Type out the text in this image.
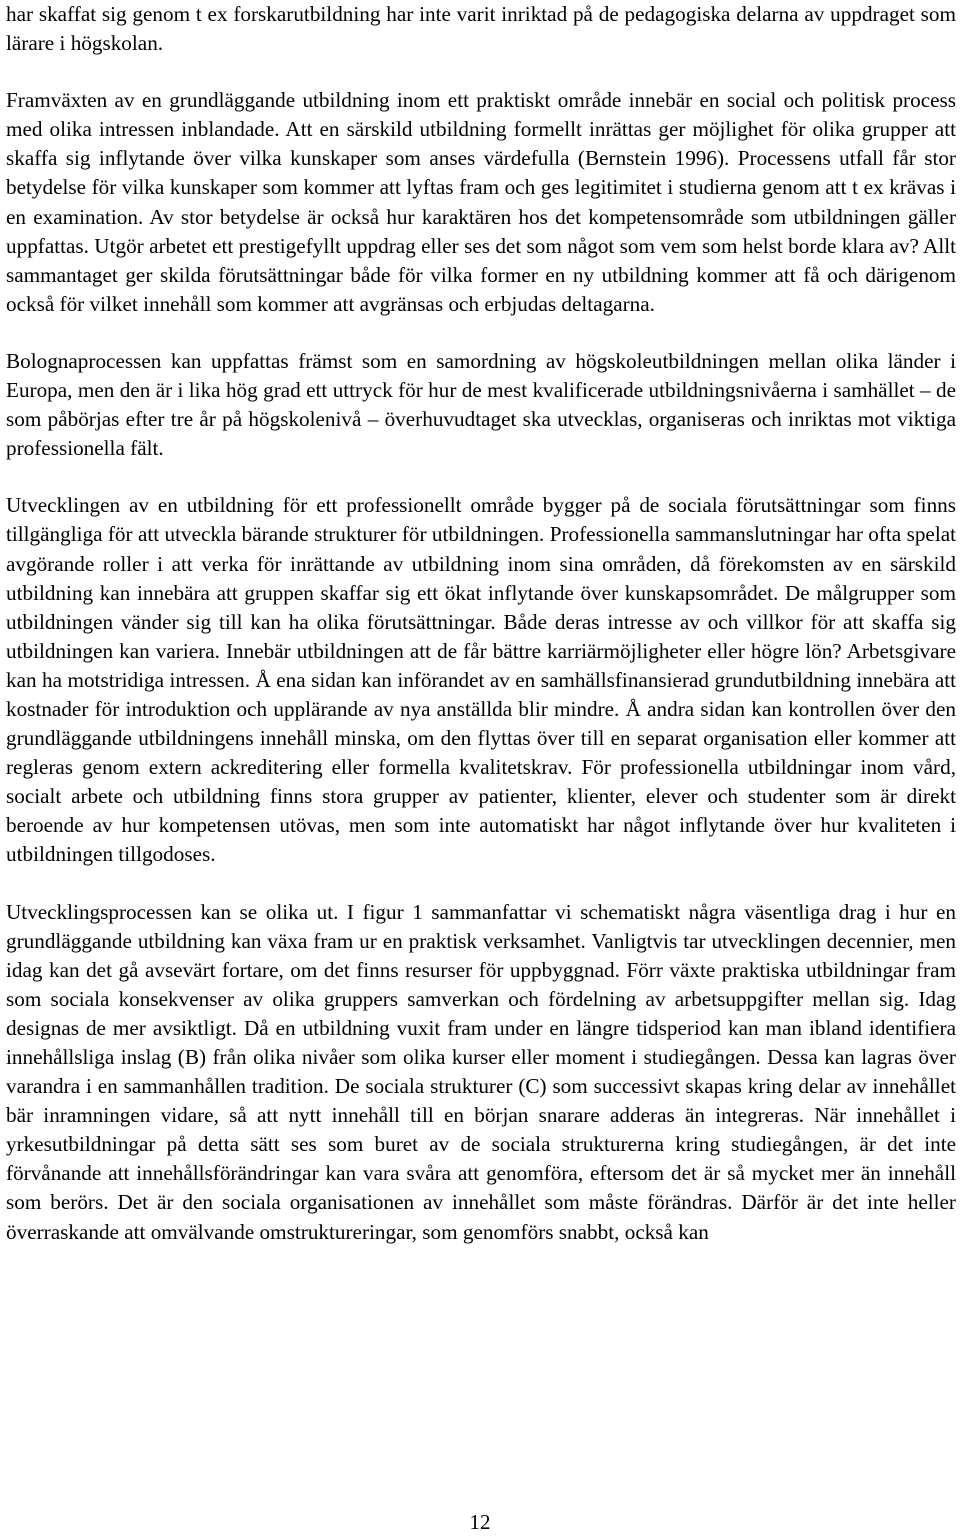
har skaffat sig genom t ex forskarutbildning har inte varit inriktad på de pedagogiska delarna av uppdraget som lärare i högskolan.

Framväxten av en grundläggande utbildning inom ett praktiskt område innebär en social och politisk process med olika intressen inblandade. Att en särskild utbildning formellt inrättas ger möjlighet för olika grupper att skaffa sig inflytande över vilka kunskaper som anses värdefulla (Bernstein 1996). Processens utfall får stor betydelse för vilka kunskaper som kommer att lyftas fram och ges legitimitet i studierna genom att t ex krävas i en examination. Av stor betydelse är också hur karaktären hos det kompetensområde som utbildningen gäller uppfattas. Utgör arbetet ett prestigefyllt uppdrag eller ses det som något som vem som helst borde klara av? Allt sammantaget ger skilda förutsättningar både för vilka former en ny utbildning kommer att få och därigenom också för vilket innehåll som kommer att avgränsas och erbjudas deltagarna.

Bolognaprocessen kan uppfattas främst som en samordning av högskoleutbildningen mellan olika länder i Europa, men den är i lika hög grad ett uttryck för hur de mest kvalificerade utbildningsnivåerna i samhället – de som påbörjas efter tre år på högskolenivå – överhuvudtaget ska utvecklas, organiseras och inriktas mot viktiga professionella fält.

Utvecklingen av en utbildning för ett professionellt område bygger på de sociala förutsättningar som finns tillgängliga för att utveckla bärande strukturer för utbildningen. Professionella sammanslutningar har ofta spelat avgörande roller i att verka för inrättande av utbildning inom sina områden, då förekomsten av en särskild utbildning kan innebära att gruppen skaffar sig ett ökat inflytande över kunskapsområdet. De målgrupper som utbildningen vänder sig till kan ha olika förutsättningar. Både deras intresse av och villkor för att skaffa sig utbildningen kan variera. Innebär utbildningen att de får bättre karriärmöjligheter eller högre lön? Arbetsgivare kan ha motstridiga intressen. Å ena sidan kan införandet av en samhällsfinansierad grundutbildning innebära att kostnader för introduktion och upplärande av nya anställda blir mindre. Å andra sidan kan kontrollen över den grundläggande utbildningens innehåll minska, om den flyttas över till en separat organisation eller kommer att regleras genom extern ackreditering eller formella kvalitetskrav. För professionella utbildningar inom vård, socialt arbete och utbildning finns stora grupper av patienter, klienter, elever och studenter som är direkt beroende av hur kompetensen utövas, men som inte automatiskt har något inflytande över hur kvaliteten i utbildningen tillgodoses.

Utvecklingsprocessen kan se olika ut. I figur 1 sammanfattar vi schematiskt några väsentliga drag i hur en grundläggande utbildning kan växa fram ur en praktisk verksamhet. Vanligtvis tar utvecklingen decennier, men idag kan det gå avsevärt fortare, om det finns resurser för uppbyggnad. Förr växte praktiska utbildningar fram som sociala konsekvenser av olika gruppers samverkan och fördelning av arbetsuppgifter mellan sig. Idag designas de mer avsiktligt. Då en utbildning vuxit fram under en längre tidsperiod kan man ibland identifiera innehållsliga inslag (B) från olika nivåer som olika kurser eller moment i studiegången. Dessa kan lagras över varandra i en sammanhållen tradition. De sociala strukturer (C) som successivt skapas kring delar av innehållet bär inramningen vidare, så att nytt innehåll till en början snarare adderas än integreras. När innehållet i yrkesutbildningar på detta sätt ses som buret av de sociala strukturerna kring studiegången, är det inte förvånande att innehållsförändringar kan vara svåra att genomföra, eftersom det är så mycket mer än innehåll som berörs. Det är den sociala organisationen av innehållet som måste förändras. Därför är det inte heller överraskande att omvälvande omstruktureringar, som genomförs snabbt, också kan

12
